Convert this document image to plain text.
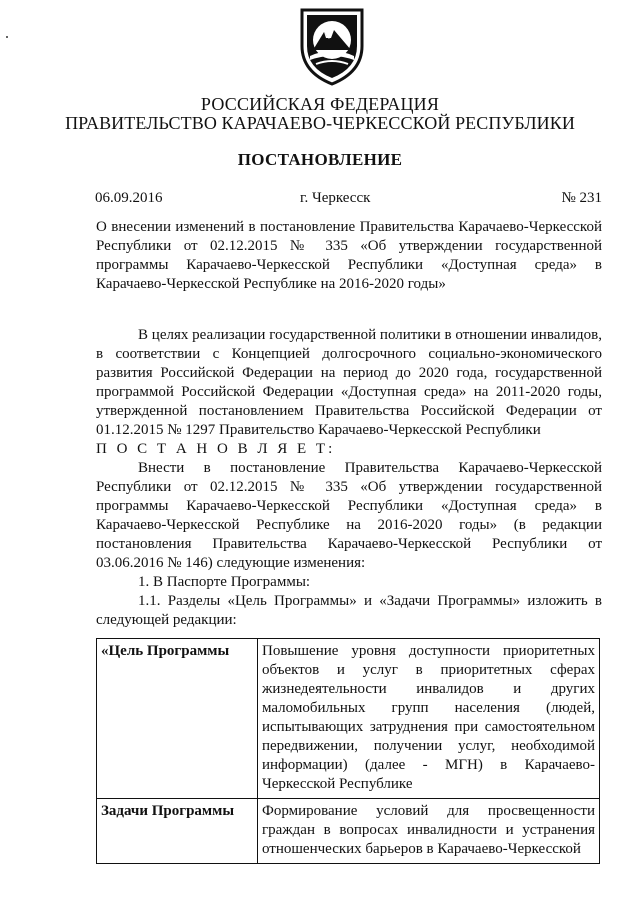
РОССИЙСКАЯ ФЕДЕРАЦИЯ
ПРАВИТЕЛЬСТВО КАРАЧАЕВО-ЧЕРКЕССКОЙ РЕСПУБЛИКИ
ПОСТАНОВЛЕНИЕ
06.09.2016	г. Черкесск	№ 231

О внесении изменений в постановление Правительства Карачаево-Черкесской Республики от 02.12.2015 № 335 «Об утверждении государственной программы Карачаево-Черкесской Республики «Доступная среда» в Карачаево-Черкесской Республике на 2016-2020 годы»

В целях реализации государственной политики в отношении инвалидов, в соответствии с Концепцией долгосрочного социально-экономического развития Российской Федерации на период до 2020 года, государственной программой Российской Федерации «Доступная среда» на 2011-2020 годы, утвержденной постановлением Правительства Российской Федерации от 01.12.2015 № 1297 Правительство Карачаево-Черкесской Республики

П О С Т А Н О В Л Я Е Т:

Внести в постановление Правительства Карачаево-Черкесской Республики от 02.12.2015 № 335 «Об утверждении государственной программы Карачаево-Черкесской Республики «Доступная среда» в Карачаево-Черкесской Республике на 2016-2020 годы» (в редакции постановления Правительства Карачаево-Черкесской Республики от 03.06.2016 № 146) следующие изменения:

1. В Паспорте Программы:

1.1. Разделы «Цель Программы» и «Задачи Программы» изложить в следующей редакции:

«Цель Программы	Повышение уровня доступности приоритетных объектов и услуг в приоритетных сферах жизнедеятельности инвалидов и других маломобильных групп населения (людей, испытывающих затруднения при самостоятельном передвижении, получении услуг, необходимой информации) (далее - МГН) в Карачаево-Черкесской Республике
Задачи Программы	Формирование условий для просвещенности граждан в вопросах инвалидности и устранения отношенческих барьеров в Карачаево-Черкесской
